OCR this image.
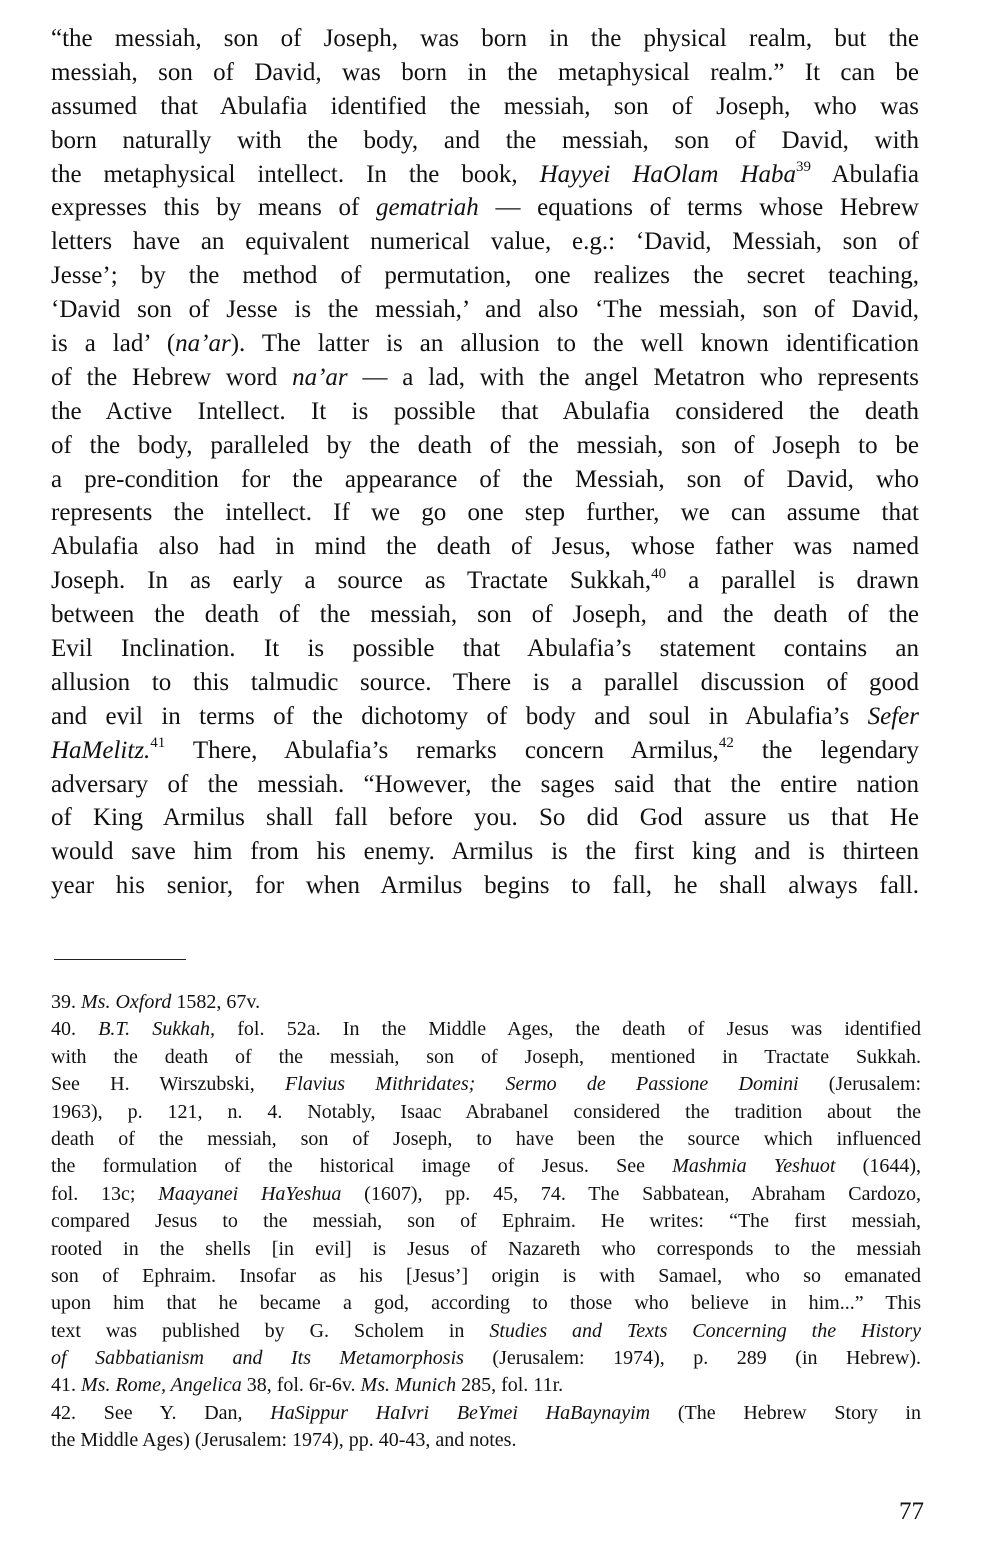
“the messiah, son of Joseph, was born in the physical realm, but the
messiah, son of David, was born in the metaphysical realm.” It can be
assumed that Abulafia identified the messiah, son of Joseph, who was
born naturally with the body, and the messiah, son of David, with
the metaphysical intellect. In the book, Hayyei HaOlam Haba$^{39}$ Abulafia
expresses this by means of gematriah — equations of terms whose Hebrew
letters have an equivalent numerical value, e.g.: ‘David, Messiah, son of
Jesse’; by the method of permutation, one realizes the secret teaching,
‘David son of Jesse is the messiah,’ and also ‘The messiah, son of David,
is a lad’ (na’ar). The latter is an allusion to the well known identification
of the Hebrew word na’ar — a lad, with the angel Metatron who represents
the Active Intellect. It is possible that Abulafia considered the death
of the body, paralleled by the death of the messiah, son of Joseph to be
a pre-condition for the appearance of the Messiah, son of David, who
represents the intellect. If we go one step further, we can assume that
Abulafia also had in mind the death of Jesus, whose father was named
Joseph. In as early a source as Tractate Sukkah,$^{40}$ a parallel is drawn
between the death of the messiah, son of Joseph, and the death of the
Evil Inclination. It is possible that Abulafia’s statement contains an
allusion to this talmudic source. There is a parallel discussion of good
and evil in terms of the dichotomy of body and soul in Abulafia’s Sefer
HaMelitz.$^{41}$ There, Abulafia’s remarks concern Armilus,$^{42}$ the legendary
adversary of the messiah. “However, the sages said that the entire nation
of King Armilus shall fall before you. So did God assure us that He
would save him from his enemy. Armilus is the first king and is thirteen
year his senior, for when Armilus begins to fall, he shall always fall.
39. Ms. Oxford 1582, 67v.
40. B.T. Sukkah, fol. 52a. In the Middle Ages, the death of Jesus was identified
with the death of the messiah, son of Joseph, mentioned in Tractate Sukkah.
See H. Wirszubski, Flavius Mithridates; Sermo de Passione Domini (Jerusalem:
1963), p. 121, n. 4. Notably, Isaac Abrabanel considered the tradition about the
death of the messiah, son of Joseph, to have been the source which influenced
the formulation of the historical image of Jesus. See Mashmia Yeshuot (1644),
fol. 13c; Maayanei HaYeshua (1607), pp. 45, 74. The Sabbatean, Abraham Cardozo,
compared Jesus to the messiah, son of Ephraim. He writes: “The first messiah,
rooted in the shells [in evil] is Jesus of Nazareth who corresponds to the messiah
son of Ephraim. Insofar as his [Jesus’] origin is with Samael, who so emanated
upon him that he became a god, according to those who believe in him...” This
text was published by G. Scholem in Studies and Texts Concerning the History
of Sabbatianism and Its Metamorphosis (Jerusalem: 1974), p. 289 (in Hebrew).
41. Ms. Rome, Angelica 38, fol. 6r-6v. Ms. Munich 285, fol. 11r.
42. See Y. Dan, HaSippur HaIvri BeYmei HaBaynayim (The Hebrew Story in
the Middle Ages) (Jerusalem: 1974), pp. 40-43, and notes.
77
